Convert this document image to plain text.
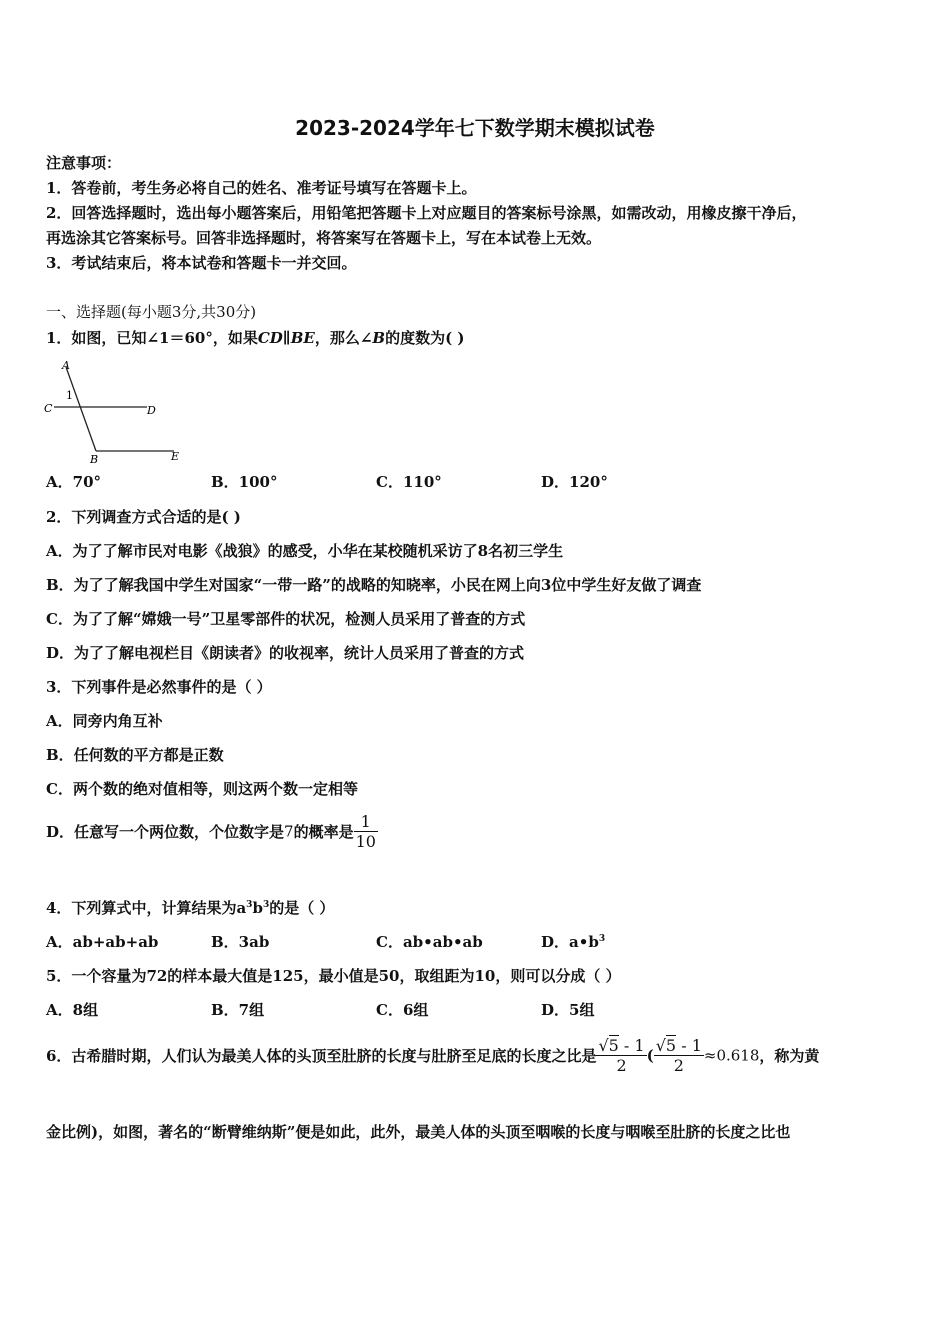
2023-2024学年七下数学期末模拟试卷
注意事项：
1．答卷前，考生务必将自己的姓名、准考证号填写在答题卡上。
2．回答选择题时，选出每小题答案后，用铅笔把答题卡上对应题目的答案标号涂黑，如需改动，用橡皮擦干净后，
再选涂其它答案标号。回答非选择题时，将答案写在答题卡上，写在本试卷上无效。
3．考试结束后，将本试卷和答题卡一并交回。
一、选择题(每小题3分,共30分)
1．如图，已知∠1＝60°，如果CD∥BE，那么∠B的度数为( )
A
1
C	D
B	E
A．70°	B．100°	C．110°	D．120°
2．下列调查方式合适的是( )
A．为了了解市民对电影《战狼》的感受，小华在某校随机采访了8名初三学生
B．为了了解我国中学生对国家“一带一路”的战略的知晓率，小民在网上向3位中学生好友做了调查
C．为了了解“嫦娥一号”卫星零部件的状况，检测人员采用了普查的方式
D．为了了解电视栏目《朗读者》的收视率，统计人员采用了普查的方式
3．下列事件是必然事件的是（ ）
A．同旁内角互补
B．任何数的平方都是正数
C．两个数的绝对值相等，则这两个数一定相等
D．任意写一个两位数，个位数字是7的概率是 $\frac{1}{10}$
4．下列算式中，计算结果为$a^3b^3$的是（ ）
A．ab+ab+ab	B．3ab	C．ab•ab•ab	D．$a•b^3$
5．一个容量为72的样本最大值是125，最小值是50，取组距为10，则可以分成（ ）
A．8组	B．7组	C．6组	D．5组
6．古希腊时期，人们认为最美人体的头顶至肚脐的长度与肚脐至足底的长度之比是 $\frac{√5 - 1}{2}$ ( $\frac{√5 - 1}{2} \approx 0.618$，称为黄
金比例)，如图，著名的“断臂维纳斯”便是如此，此外，最美人体的头顶至咽喉的长度与咽喉至肚脐的长度之比也
